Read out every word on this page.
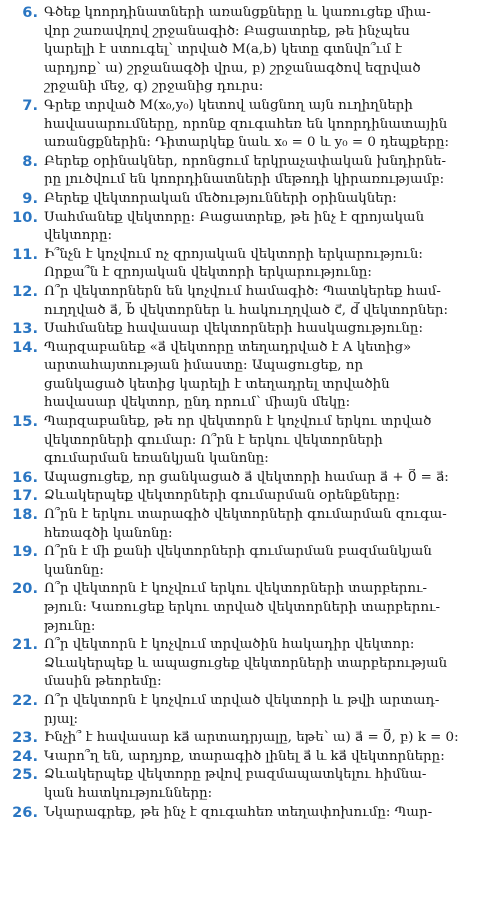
6. Գծեք կոորդինատների առանցքները և կառուցեք միա-
վոր շառավղով շրջանագիծ: Բացատրեք, թե ինչպես
կարելի է ստուգել՝ տրված M(a,b) կետը գտնվո՞ւմ է
արդյոք՝ ա) շրջանագծի վրա, բ) շրջանագծով եզրված
շրջանի մեջ, գ) շրջանից դուրս:
7. Գրեք տրված M(x₀,y₀) կետով անցնող այն ուղիղների
հավասարումները, որոնք զուգահեռ են կոորդինատային
առանցքներին: Դիտարկեք նաև x₀ = 0 և y₀ = 0 դեպքերը:
8. Բերեք օրինակներ, որոնցում երկրաչափական խնդիրնե-
րը լուծվում են կոորդինատների մեթոդի կիրառությամբ:
9. Բերեք վեկտորական մեծությունների օրինակներ:
10. Սահմանեք վեկտորը: Բացատրեք, թե ինչ է զրոյական
վեկտորը:
11. Ի՞նչն է կոչվում ոչ զրոյական վեկտորի երկարություն:
Որքա՞ն է զրոյական վեկտորի երկարությունը:
12. Ո՞ր վեկտորներն են կոչվում համագիծ: Պատկերեք համ-
ուղղված a⃗, b⃗ վեկտորներ և հակուղղված c⃗, d⃗ վեկտորներ:
13. Սահմանեք հավասար վեկտորների հասկացությունը:
14. Պարզաբանեք «a⃗ վեկտորը տեղադրված է A կետից»
արտահայտության իմաստը: Ապացուցեք, որ
ցանկացած կետից կարելի է տեղադրել տրվածին
հավասար վեկտոր, ընդ որում՝ միայն մեկը:
15. Պարզաբանեք, թե որ վեկտորն է կոչվում երկու տրված
վեկտորների գումար: Ո՞րն է երկու վեկտորների
գումարման եռանկյան կանոնը:
16. Ապացուցեք, որ ցանկացած a⃗ վեկտորի համար a⃗ + 0⃗ = a⃗:
17. Ձևակերպեք վեկտորների գումարման օրենքները:
18. Ո՞րն է երկու տարագիծ վեկտորների գումարման զուգա-
հեռագծի կանոնը:
19. Ո՞րն է մի քանի վեկտորների գումարման բազմանկյան
կանոնը:
20. Ո՞ր վեկտորն է կոչվում երկու վեկտորների տարբերու-
թյուն: Կառուցեք երկու տրված վեկտորների տարբերու-
թյունը:
21. Ո՞ր վեկտորն է կոչվում տրվածին հակադիր վեկտոր:
Ձևակերպեք և ապացուցեք վեկտորների տարբերության
մասին թեորեմը:
22. Ո՞ր վեկտորն է կոչվում տրված վեկտորի և թվի արտադ-
րյալ:
23. Ինչի՞ է հավասար ka⃗ արտադրյալը, եթե՝ ա) a⃗ = 0⃗, բ) k = 0:
24. Կարո՞ղ են, արդյոք, տարագիծ լինել a⃗ և ka⃗ վեկտորները:
25. Ձևակերպեք վեկտորը թվով բազմապատկելու հիմնա-
կան հատկությունները:
26. Նկարագրեք, թե ինչ է զուգահեռ տեղափոխումը: Պար-
